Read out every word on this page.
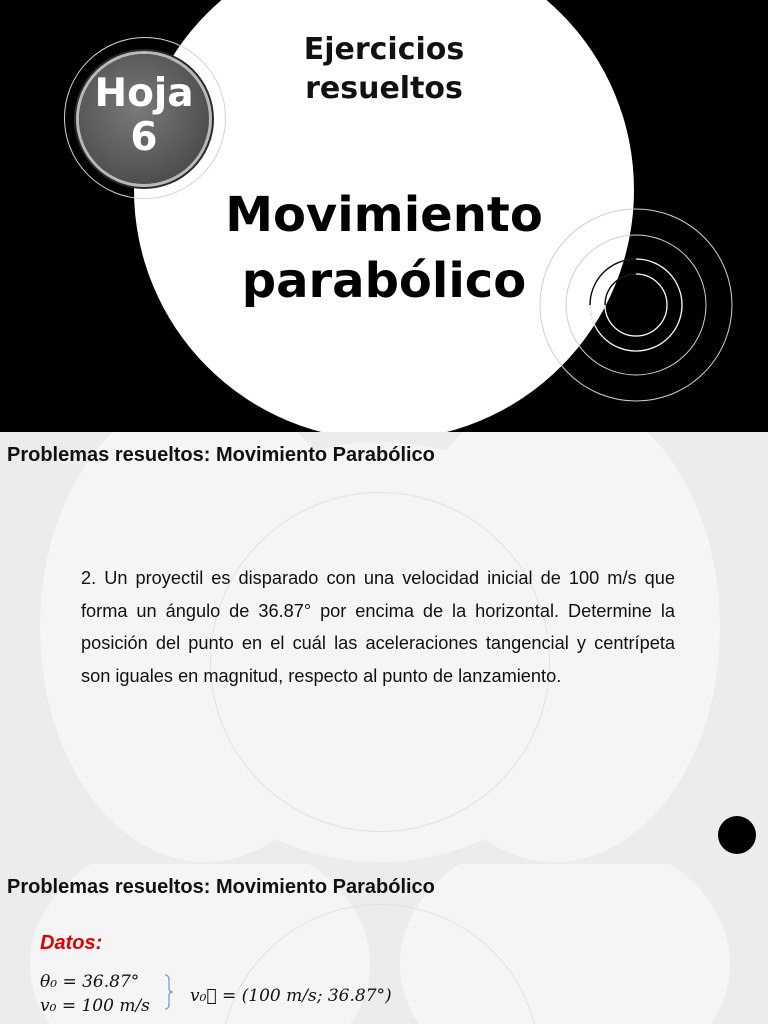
Hoja
6
Ejercicios
resueltos
Movimiento
parabólico
Problemas resueltos: Movimiento Parabólico
2. Un proyectil es disparado con una velocidad inicial de 100 m/s que forma un ángulo de 36.87° por encima de la horizontal. Determine la posición del punto en el cuál las aceleraciones tangencial y centrípeta son iguales en magnitud, respecto al punto de lanzamiento.
Problemas resueltos: Movimiento Parabólico
Datos:
θ₀ = 36.87°
v₀ = 100 m/s v₀⃗ = (100 m/s; 36.87°)
